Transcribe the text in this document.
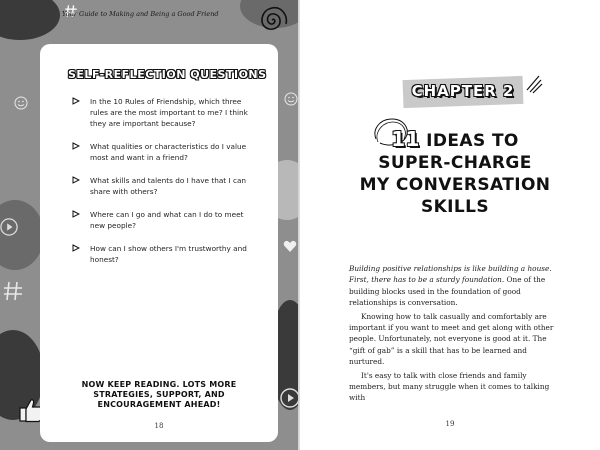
Your Guide to Making and Being a Good Friend
SELF-REFLECTION QUESTIONS
In the 10 Rules of Friendship, which three rules are the most important to me? I think they are important because?
What qualities or characteristics do I value most and want in a friend?
What skills and talents do I have that I can share with others?
Where can I go and what can I do to meet new people?
How can I show others I'm trustworthy and honest?
NOW KEEP READING. LOTS MORE
STRATEGIES, SUPPORT, AND
ENCOURAGEMENT AHEAD!
18
CHAPTER 2
11 IDEAS TO
SUPER-CHARGE
MY CONVERSATION
SKILLS

Building positive relationships is like building a house. First, there has to be a sturdy foundation. One of the building blocks used in the foundation of good relationships is conversation.

Knowing how to talk casually and comfortably are important if you want to meet and get along with other people. Unfortunately, not everyone is good at it. The “gift of gab” is a skill that has to be learned and nurtured.

It's easy to talk with close friends and family members, but many struggle when it comes to talking with

19
